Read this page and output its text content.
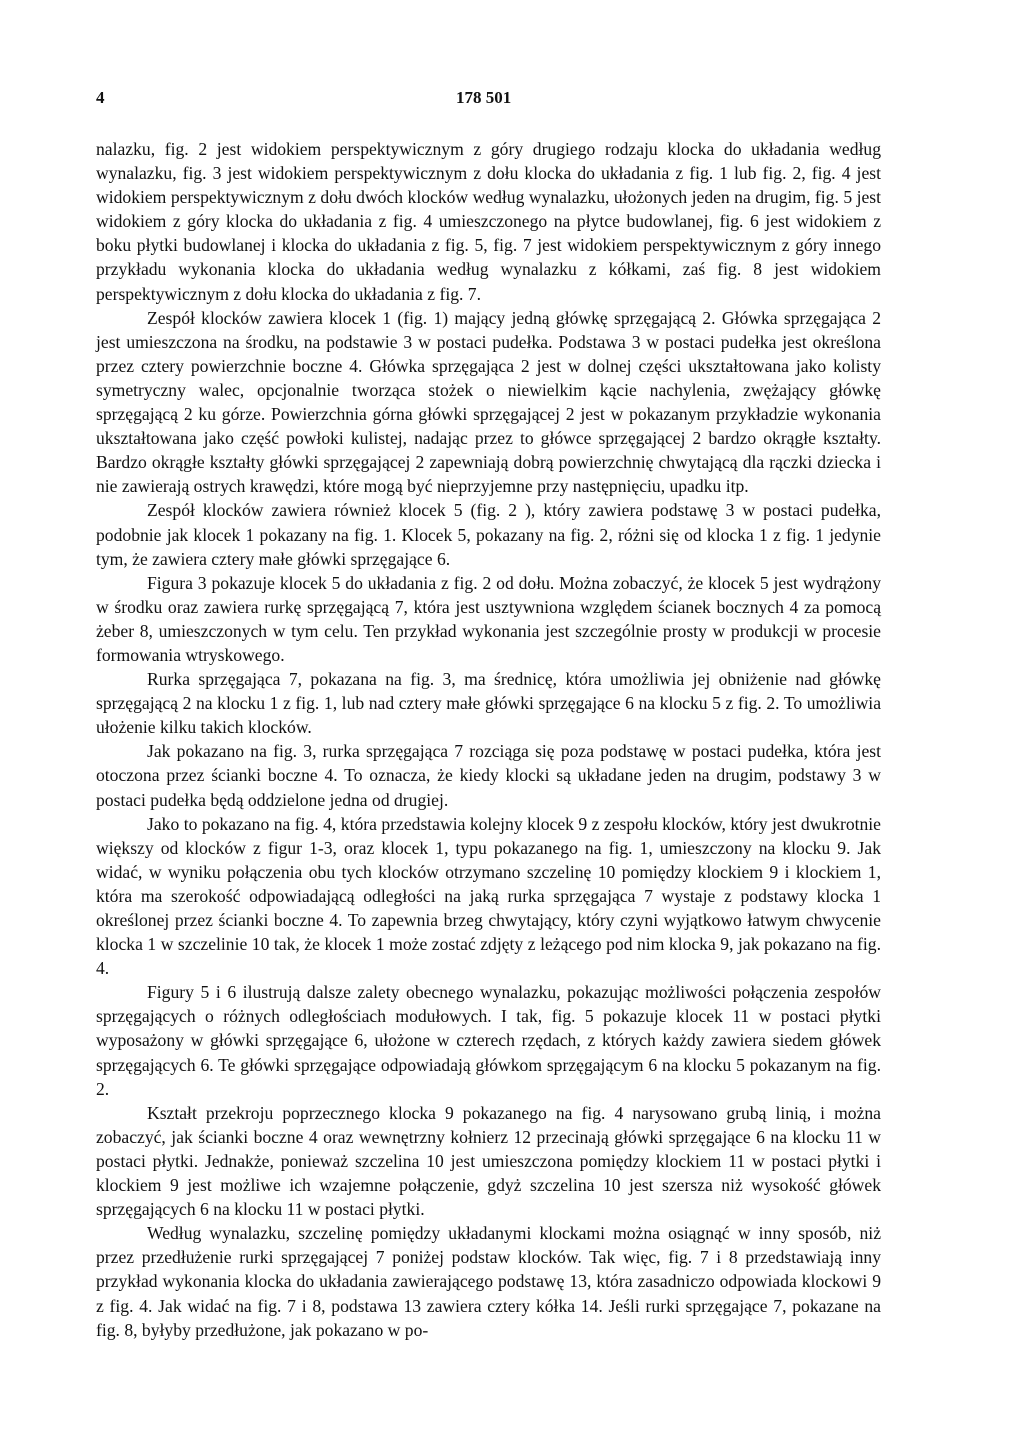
4	178 501

nalazku, fig. 2 jest widokiem perspektywicznym z góry drugiego rodzaju klocka do układania według wynalazku, fig. 3 jest widokiem perspektywicznym z dołu klocka do układania z fig. 1 lub fig. 2, fig. 4 jest widokiem perspektywicznym z dołu dwóch klocków według wynalazku, ułożonych jeden na drugim, fig. 5 jest widokiem z góry klocka do układania z fig. 4 umieszczonego na płytce budowlanej, fig. 6 jest widokiem z boku płytki budowlanej i klocka do układania z fig. 5, fig. 7 jest widokiem perspektywicznym z góry innego przykładu wykonania klocka do układania według wynalazku z kółkami, zaś fig. 8 jest widokiem perspektywicznym z dołu klocka do układania z fig. 7.

Zespół klocków zawiera klocek 1 (fig. 1) mający jedną główkę sprzęgającą 2. Główka sprzęgająca 2 jest umieszczona na środku, na podstawie 3 w postaci pudełka. Podstawa 3 w postaci pudełka jest określona przez cztery powierzchnie boczne 4. Główka sprzęgająca 2 jest w dolnej części ukształtowana jako kolisty symetryczny walec, opcjonalnie tworząca stożek o niewielkim kącie nachylenia, zwężający główkę sprzęgającą 2 ku górze. Powierzchnia górna główki sprzęgającej 2 jest w pokazanym przykładzie wykonania ukształtowana jako część powłoki kulistej, nadając przez to główce sprzęgającej 2 bardzo okrągłe kształty. Bardzo okrągłe kształty główki sprzęgającej 2 zapewniają dobrą powierzchnię chwytającą dla rączki dziecka i nie zawierają ostrych krawędzi, które mogą być nieprzyjemne przy następnięciu, upadku itp.

Zespół klocków zawiera również klocek 5 (fig. 2 ), który zawiera podstawę 3 w postaci pudełka, podobnie jak klocek 1 pokazany na fig. 1. Klocek 5, pokazany na fig. 2, różni się od klocka 1 z fig. 1 jedynie tym, że zawiera cztery małe główki sprzęgające 6.

Figura 3 pokazuje klocek 5 do układania z fig. 2 od dołu. Można zobaczyć, że klocek 5 jest wydrążony w środku oraz zawiera rurkę sprzęgającą 7, która jest usztywniona względem ścianek bocznych 4 za pomocą żeber 8, umieszczonych w tym celu. Ten przykład wykonania jest szczególnie prosty w produkcji w procesie formowania wtryskowego.

Rurka sprzęgająca 7, pokazana na fig. 3, ma średnicę, która umożliwia jej obniżenie nad główkę sprzęgającą 2 na klocku 1 z fig. 1, lub nad cztery małe główki sprzęgające 6 na klocku 5 z fig. 2. To umożliwia ułożenie kilku takich klocków.

Jak pokazano na fig. 3, rurka sprzęgająca 7 rozciąga się poza podstawę w postaci pudełka, która jest otoczona przez ścianki boczne 4. To oznacza, że kiedy klocki są układane jeden na drugim, podstawy 3 w postaci pudełka będą oddzielone jedna od drugiej.

Jako to pokazano na fig. 4, która przedstawia kolejny klocek 9 z zespołu klocków, który jest dwukrotnie większy od klocków z figur 1-3, oraz klocek 1, typu pokazanego na fig. 1, umieszczony na klocku 9. Jak widać, w wyniku połączenia obu tych klocków otrzymano szczelinę 10 pomiędzy klockiem 9 i klockiem 1, która ma szerokość odpowiadającą odległości na jaką rurka sprzęgająca 7 wystaje z podstawy klocka 1 określonej przez ścianki boczne 4. To zapewnia brzeg chwytający, który czyni wyjątkowo łatwym chwycenie klocka 1 w szczelinie 10 tak, że klocek 1 może zostać zdjęty z leżącego pod nim klocka 9, jak pokazano na fig. 4.

Figury 5 i 6 ilustrują dalsze zalety obecnego wynalazku, pokazując możliwości połączenia zespołów sprzęgających o różnych odległościach modułowych. I tak, fig. 5 pokazuje klocek 11 w postaci płytki wyposażony w główki sprzęgające 6, ułożone w czterech rzędach, z których każdy zawiera siedem główek sprzęgających 6. Te główki sprzęgające odpowiadają główkom sprzęgającym 6 na klocku 5 pokazanym na fig. 2.

Kształt przekroju poprzecznego klocka 9 pokazanego na fig. 4 narysowano grubą linią, i można zobaczyć, jak ścianki boczne 4 oraz wewnętrzny kołnierz 12 przecinają główki sprzęgające 6 na klocku 11 w postaci płytki. Jednakże, ponieważ szczelina 10 jest umieszczona pomiędzy klockiem 11 w postaci płytki i klockiem 9 jest możliwe ich wzajemne połączenie, gdyż szczelina 10 jest szersza niż wysokość główek sprzęgających 6 na klocku 11 w postaci płytki.

Według wynalazku, szczelinę pomiędzy układanymi klockami można osiągnąć w inny sposób, niż przez przedłużenie rurki sprzęgającej 7 poniżej podstaw klocków. Tak więc, fig. 7 i 8 przedstawiają inny przykład wykonania klocka do układania zawierającego podstawę 13, która zasadniczo odpowiada klockowi 9 z fig. 4. Jak widać na fig. 7 i 8, podstawa 13 zawiera cztery kółka 14. Jeśli rurki sprzęgające 7, pokazane na fig. 8, byłyby przedłużone, jak pokazano w po-
